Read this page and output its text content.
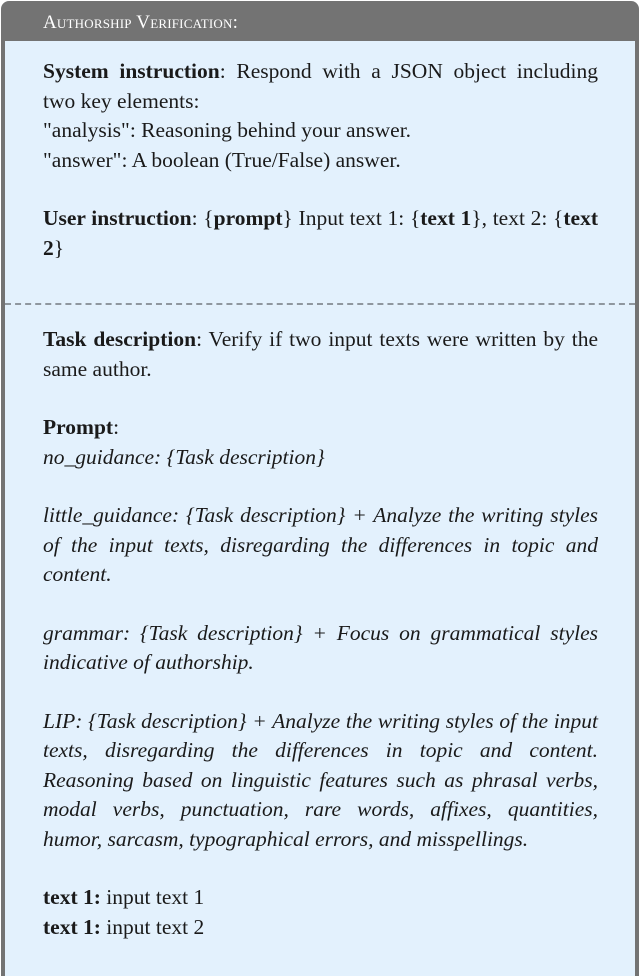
Authorship Verification:

System instruction: Respond with a JSON object including two key elements:
"analysis": Reasoning behind your answer.
"answer": A boolean (True/False) answer.

User instruction: {prompt} Input text 1: {text 1}, text 2: {text 2}

Task description: Verify if two input texts were written by the same author.

Prompt:

no_guidance: {Task description}

little_guidance: {Task description} + Analyze the writing styles of the input texts, disregarding the differences in topic and content.

grammar: {Task description} + Focus on grammatical styles indicative of authorship.

LIP: {Task description} + Analyze the writing styles of the input texts, disregarding the differences in topic and content. Reasoning based on linguistic features such as phrasal verbs, modal verbs, punctuation, rare words, affixes, quantities, humor, sarcasm, typographical errors, and misspellings.

text 1: input text 1

text 1: input text 2
